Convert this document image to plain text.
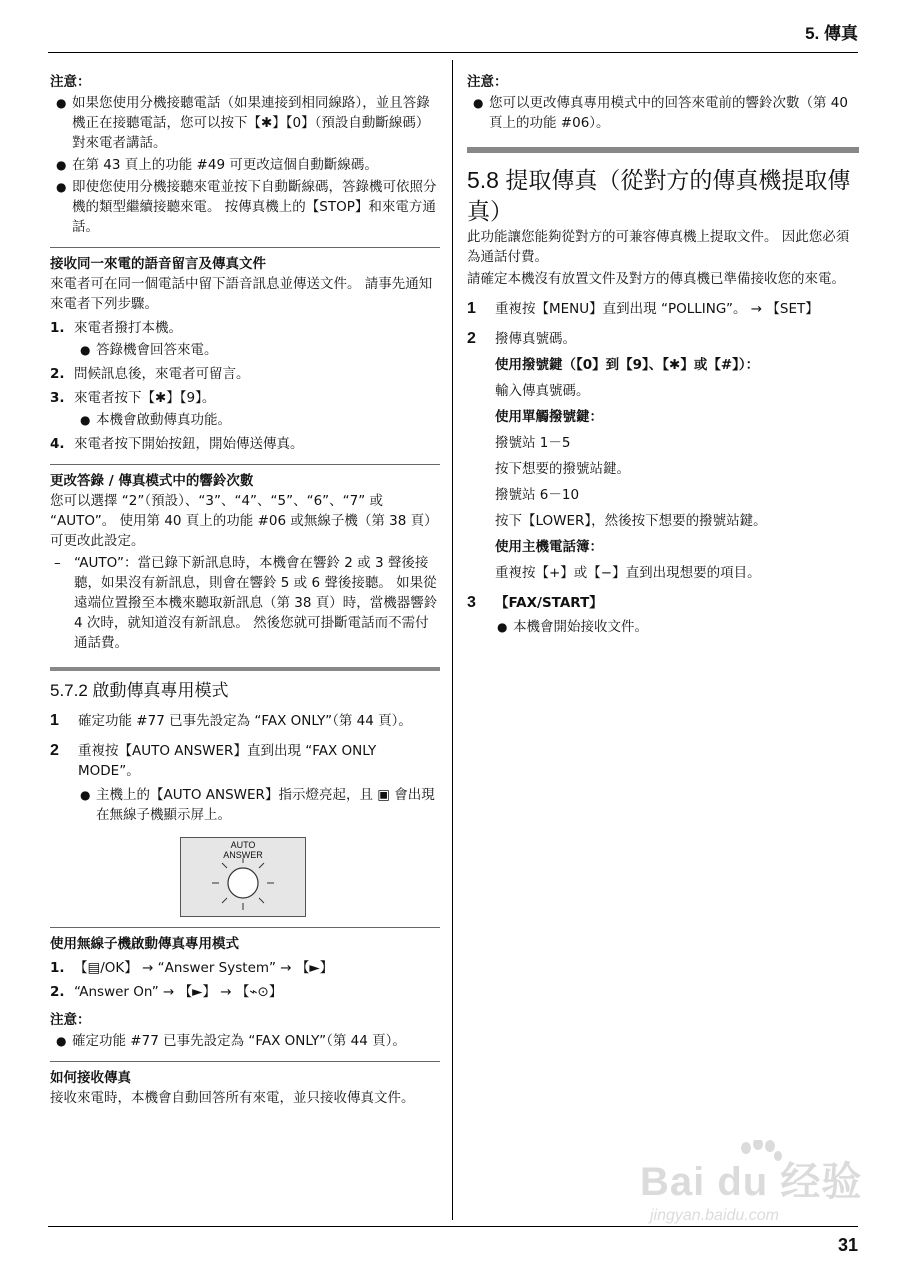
5. 傳真
注意：
● 如果您使用分機接聽電話（如果連接到相同線路），並且答錄機正在接聽電話，您可以按下【✱】【0】（預設自動斷線碼）對來電者講話。
● 在第 43 頁上的功能 #49 可更改這個自動斷線碼。
● 即使您使用分機接聽來電並按下自動斷線碼，答錄機可依照分機的類型繼續接聽來電。 按傳真機上的【STOP】和來電方通話。
接收同一來電的語音留言及傳真文件
來電者可在同一個電話中留下語音訊息並傳送文件。 請事先通知來電者下列步驟。
1. 來電者撥打本機。
● 答錄機會回答來電。
2. 問候訊息後，來電者可留言。
3. 來電者按下【✱】【9】。
● 本機會啟動傳真功能。
4. 來電者按下開始按鈕，開始傳送傳真。
更改答錄 / 傳真模式中的響鈴次數
您可以選擇 “2”（預設）、“3”、“4”、“5”、“6”、“7” 或 “AUTO”。 使用第 40 頁上的功能 #06 或無線子機（第 38 頁）可更改此設定。
– “AUTO”：當已錄下新訊息時，本機會在響鈴 2 或 3 聲後接聽，如果沒有新訊息，則會在響鈴 5 或 6 聲後接聽。 如果從遠端位置撥至本機來聽取新訊息（第 38 頁）時，當機器響鈴 4 次時，就知道沒有新訊息。 然後您就可掛斷電話而不需付通話費。
5.7.2 啟動傳真專用模式
1 確定功能 #77 已事先設定為 “FAX ONLY”（第 44 頁）。
2 重複按【AUTO ANSWER】直到出現 “FAX ONLY MODE”。
● 主機上的【AUTO ANSWER】指示燈亮起，且 ▣ 會出現在無線子機顯示屏上。
AUTO
ANSWER
使用無線子機啟動傳真專用模式
1. 【▤/OK】 → “Answer System” → 【►】
2. “Answer On” → 【►】 → 【⌁⊙】
注意：
● 確定功能 #77 已事先設定為 “FAX ONLY”（第 44 頁）。
如何接收傳真
接收來電時，本機會自動回答所有來電，並只接收傳真文件。
注意：
● 您可以更改傳真專用模式中的回答來電前的響鈴次數（第 40 頁上的功能 #06）。
5.8 提取傳真（從對方的傳真機提取傳真）
此功能讓您能夠從對方的可兼容傳真機上提取文件。 因此您必須為通話付費。
請確定本機沒有放置文件及對方的傳真機已準備接收您的來電。
1 重複按【MENU】直到出現 “POLLING”。 → 【SET】
2 撥傳真號碼。
使用撥號鍵（【0】到【9】、【✱】或【#】）：
輸入傳真號碼。
使用單觸撥號鍵：
撥號站 1－5
按下想要的撥號站鍵。
撥號站 6－10
按下【LOWER】，然後按下想要的撥號站鍵。
使用主機電話簿：
重複按【+】或【−】直到出現想要的項目。
3 【FAX/START】
● 本機會開始接收文件。
Bai du 经验
jingyan.baidu.com
31
